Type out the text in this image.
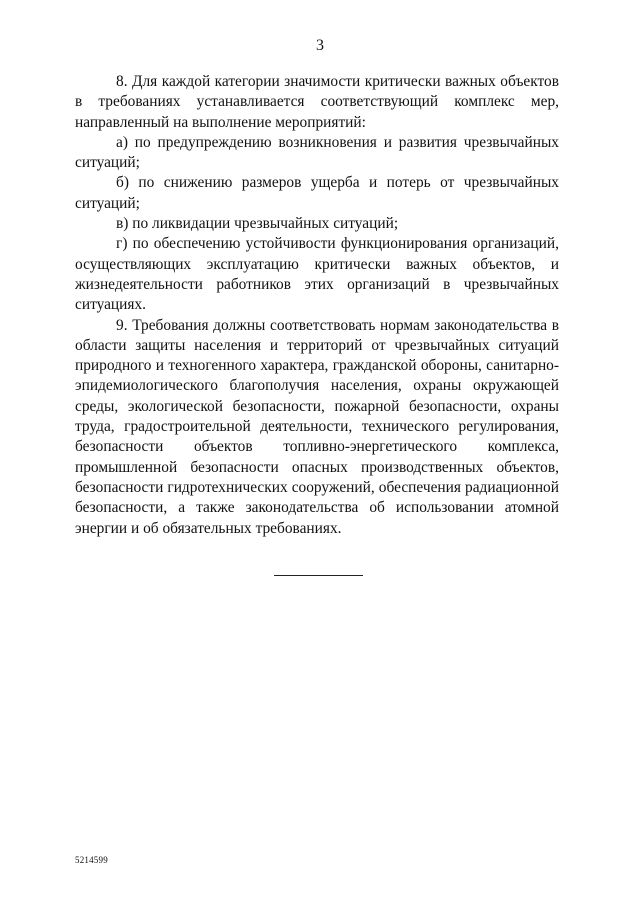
3

8. Для каждой категории значимости критически важных объектов в требованиях устанавливается соответствующий комплекс мер, направленный на выполнение мероприятий:

а) по предупреждению возникновения и развития чрезвычайных ситуаций;

б) по снижению размеров ущерба и потерь от чрезвычайных ситуаций;

в) по ликвидации чрезвычайных ситуаций;

г) по обеспечению устойчивости функционирования организаций, осуществляющих эксплуатацию критически важных объектов, и жизнедеятельности работников этих организаций в чрезвычайных ситуациях.

9. Требования должны соответствовать нормам законодательства в области защиты населения и территорий от чрезвычайных ситуаций природного и техногенного характера, гражданской обороны, санитарно-эпидемиологического благополучия населения, охраны окружающей среды, экологической безопасности, пожарной безопасности, охраны труда, градостроительной деятельности, технического регулирования, безопасности объектов топливно-энергетического комплекса, промышленной безопасности опасных производственных объектов, безопасности гидротехнических сооружений, обеспечения радиационной безопасности, а также законодательства об использовании атомной энергии и об обязательных требованиях.

5214599
